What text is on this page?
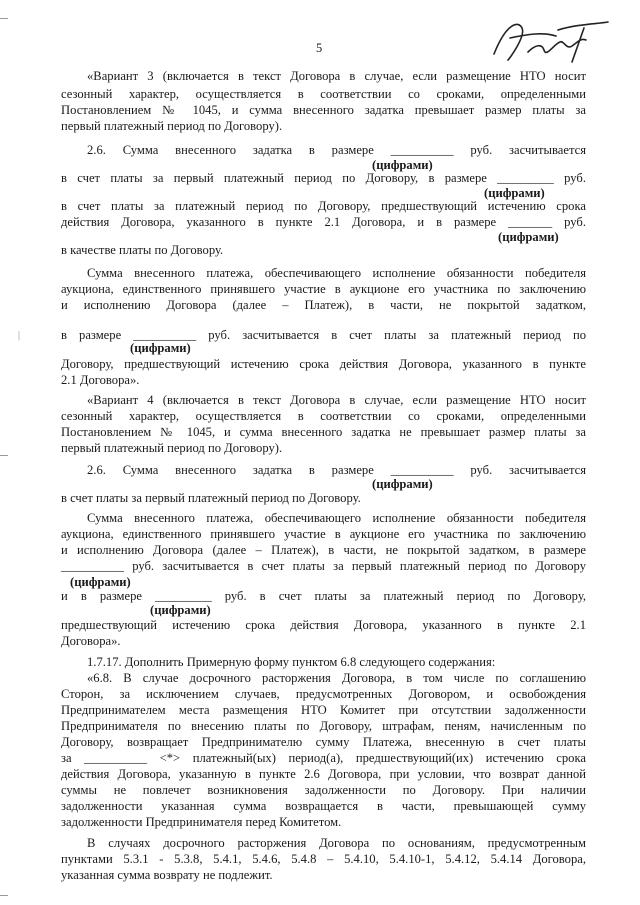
5
«Вариант 3 (включается в текст Договора в случае, если размещение НТО носит
сезонный характер, осуществляется в соответствии со сроками, определенными
Постановлением № 1045, и сумма внесенного задатка превышает размер платы за
первый платежный период по Договору).
2.6. Сумма внесенного задатка в размере __________ руб. засчитывается
в счет платы за первый платежный период по Договору, в размере _________ руб.
в счет платы за платежный период по Договору, предшествующий истечению срока
действия Договора, указанного в пункте 2.1 Договора, и в размере _______ руб.
в качестве платы по Договору.
Сумма внесенного платежа, обеспечивающего исполнение обязанности победителя
аукциона, единственного принявшего участие в аукционе его участника по заключению
и исполнению Договора (далее – Платеж), в части, не покрытой задатком,
в размере __________ руб. засчитывается в счет платы за платежный период по
Договору, предшествующий истечению срока действия Договора, указанного в пункте
2.1 Договора».
«Вариант 4 (включается в текст Договора в случае, если размещение НТО носит
сезонный характер, осуществляется в соответствии со сроками, определенными
Постановлением № 1045, и сумма внесенного задатка не превышает размер платы за
первый платежный период по Договору).
2.6. Сумма внесенного задатка в размере __________ руб. засчитывается
в счет платы за первый платежный период по Договору.
Сумма внесенного платежа, обеспечивающего исполнение обязанности победителя
аукциона, единственного принявшего участие в аукционе его участника по заключению
и исполнению Договора (далее – Платеж), в части, не покрытой задатком, в размере
__________ руб. засчитывается в счет платы за первый платежный период по Договору
и в размере _________ руб. в счет платы за платежный период по Договору,
предшествующий истечению срока действия Договора, указанного в пункте 2.1
Договора».
1.7.17. Дополнить Примерную форму пунктом 6.8 следующего содержания:
«6.8. В случае досрочного расторжения Договора, в том числе по соглашению
Сторон, за исключением случаев, предусмотренных Договором, и освобождения
Предпринимателем места размещения НТО Комитет при отсутствии задолженности
Предпринимателя по внесению платы по Договору, штрафам, пеням, начисленным по
Договору, возвращает Предпринимателю сумму Платежа, внесенную в счет платы
за __________ <*> платежный(ых) период(а), предшествующий(их) истечению срока
действия Договора, указанную в пункте 2.6 Договора, при условии, что возврат данной
суммы не повлечет возникновения задолженности по Договору. При наличии
задолженности указанная сумма возвращается в части, превышающей сумму
задолженности Предпринимателя перед Комитетом.
В случаях досрочного расторжения Договора по основаниям, предусмотренным
пунктами 5.3.1 - 5.3.8, 5.4.1, 5.4.6, 5.4.8 – 5.4.10, 5.4.10-1, 5.4.12, 5.4.14 Договора,
указанная сумма возврату не подлежит.
(цифрами)
(цифрами)
(цифрами)
(цифрами)
(цифрами)
(цифрами)
(цифрами)
|
